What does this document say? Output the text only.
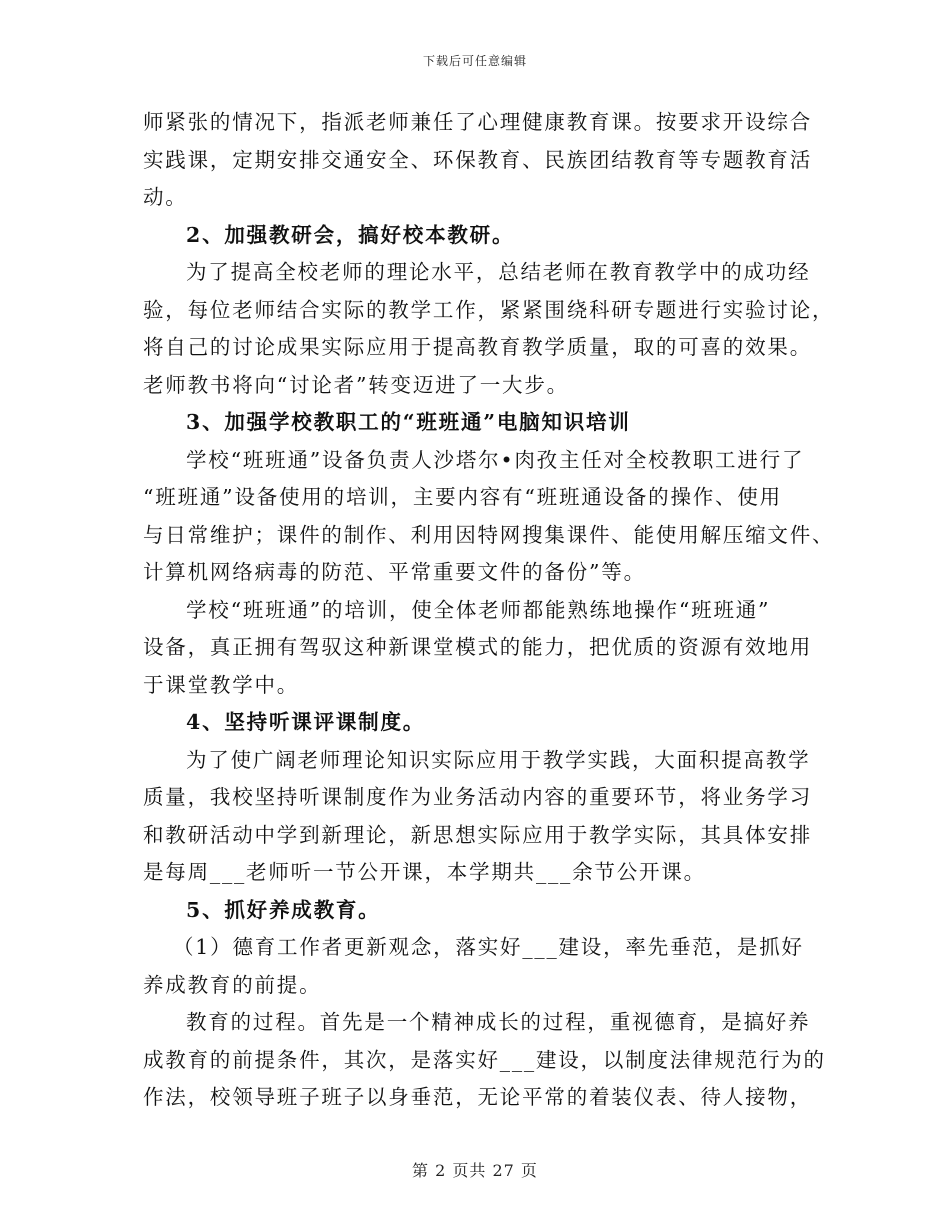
下载后可任意编辑
师紧张的情况下，指派老师兼任了心理健康教育课。按要求开设综合
实践课，定期安排交通安全、环保教育、民族团结教育等专题教育活
动。
2、加强教研会，搞好校本教研。
为了提高全校老师的理论水平，总结老师在教育教学中的成功经
验，每位老师结合实际的教学工作，紧紧围绕科研专题进行实验讨论，
将自己的讨论成果实际应用于提高教育教学质量，取的可喜的效果。
老师教书将向“讨论者”转变迈进了一大步。
3、加强学校教职工的“班班通”电脑知识培训
学校“班班通”设备负责人沙塔尔•肉孜主任对全校教职工进行了
“班班通”设备使用的培训，主要内容有“班班通设备的操作、使用
与日常维护；课件的制作、利用因特网搜集课件、能使用解压缩文件、
计算机网络病毒的防范、平常重要文件的备份”等。
学校“班班通”的培训，使全体老师都能熟练地操作“班班通”
设备，真正拥有驾驭这种新课堂模式的能力，把优质的资源有效地用
于课堂教学中。
4、坚持听课评课制度。
为了使广阔老师理论知识实际应用于教学实践，大面积提高教学
质量，我校坚持听课制度作为业务活动内容的重要环节，将业务学习
和教研活动中学到新理论，新思想实际应用于教学实际，其具体安排
是每周___老师听一节公开课，本学期共___余节公开课。
5、抓好养成教育。
（1）德育工作者更新观念，落实好___建设，率先垂范，是抓好
养成教育的前提。
教育的过程。首先是一个精神成长的过程，重视德育，是搞好养
成教育的前提条件，其次，是落实好___建设，以制度法律规范行为的
作法，校领导班子班子以身垂范，无论平常的着装仪表、待人接物，
第 2 页共 27 页
